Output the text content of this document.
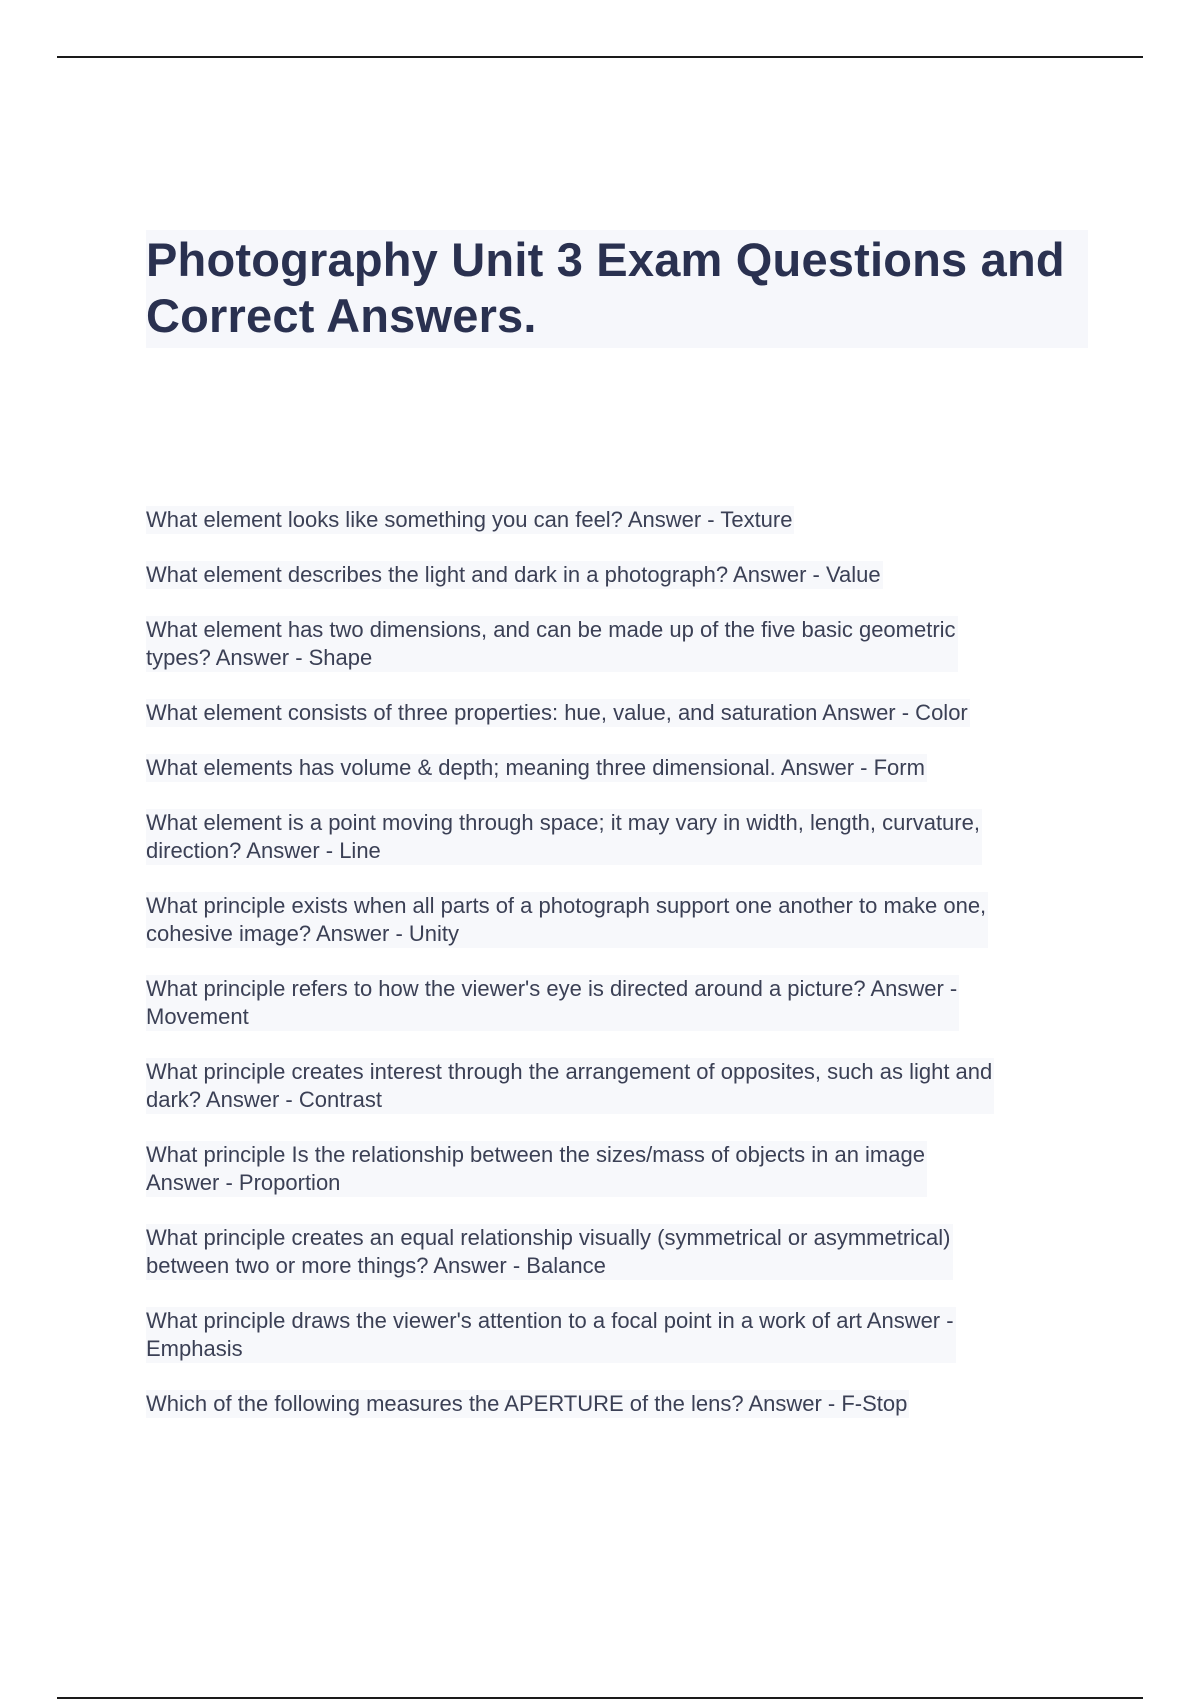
Photography Unit 3 Exam Questions and
Correct Answers.

What element looks like something you can feel? Answer - Texture

What element describes the light and dark in a photograph? Answer - Value

What element has two dimensions, and can be made up of the five basic geometric
types? Answer - Shape

What element consists of three properties: hue, value, and saturation Answer - Color

What elements has volume & depth; meaning three dimensional. Answer - Form

What element is a point moving through space; it may vary in width, length, curvature,
direction? Answer - Line

What principle exists when all parts of a photograph support one another to make one,
cohesive image? Answer - Unity

What principle refers to how the viewer's eye is directed around a picture? Answer -
Movement

What principle creates interest through the arrangement of opposites, such as light and
dark? Answer - Contrast

What principle Is the relationship between the sizes/mass of objects in an image
Answer - Proportion

What principle creates an equal relationship visually (symmetrical or asymmetrical)
between two or more things? Answer - Balance

What principle draws the viewer's attention to a focal point in a work of art Answer -
Emphasis

Which of the following measures the APERTURE of the lens? Answer - F-Stop
